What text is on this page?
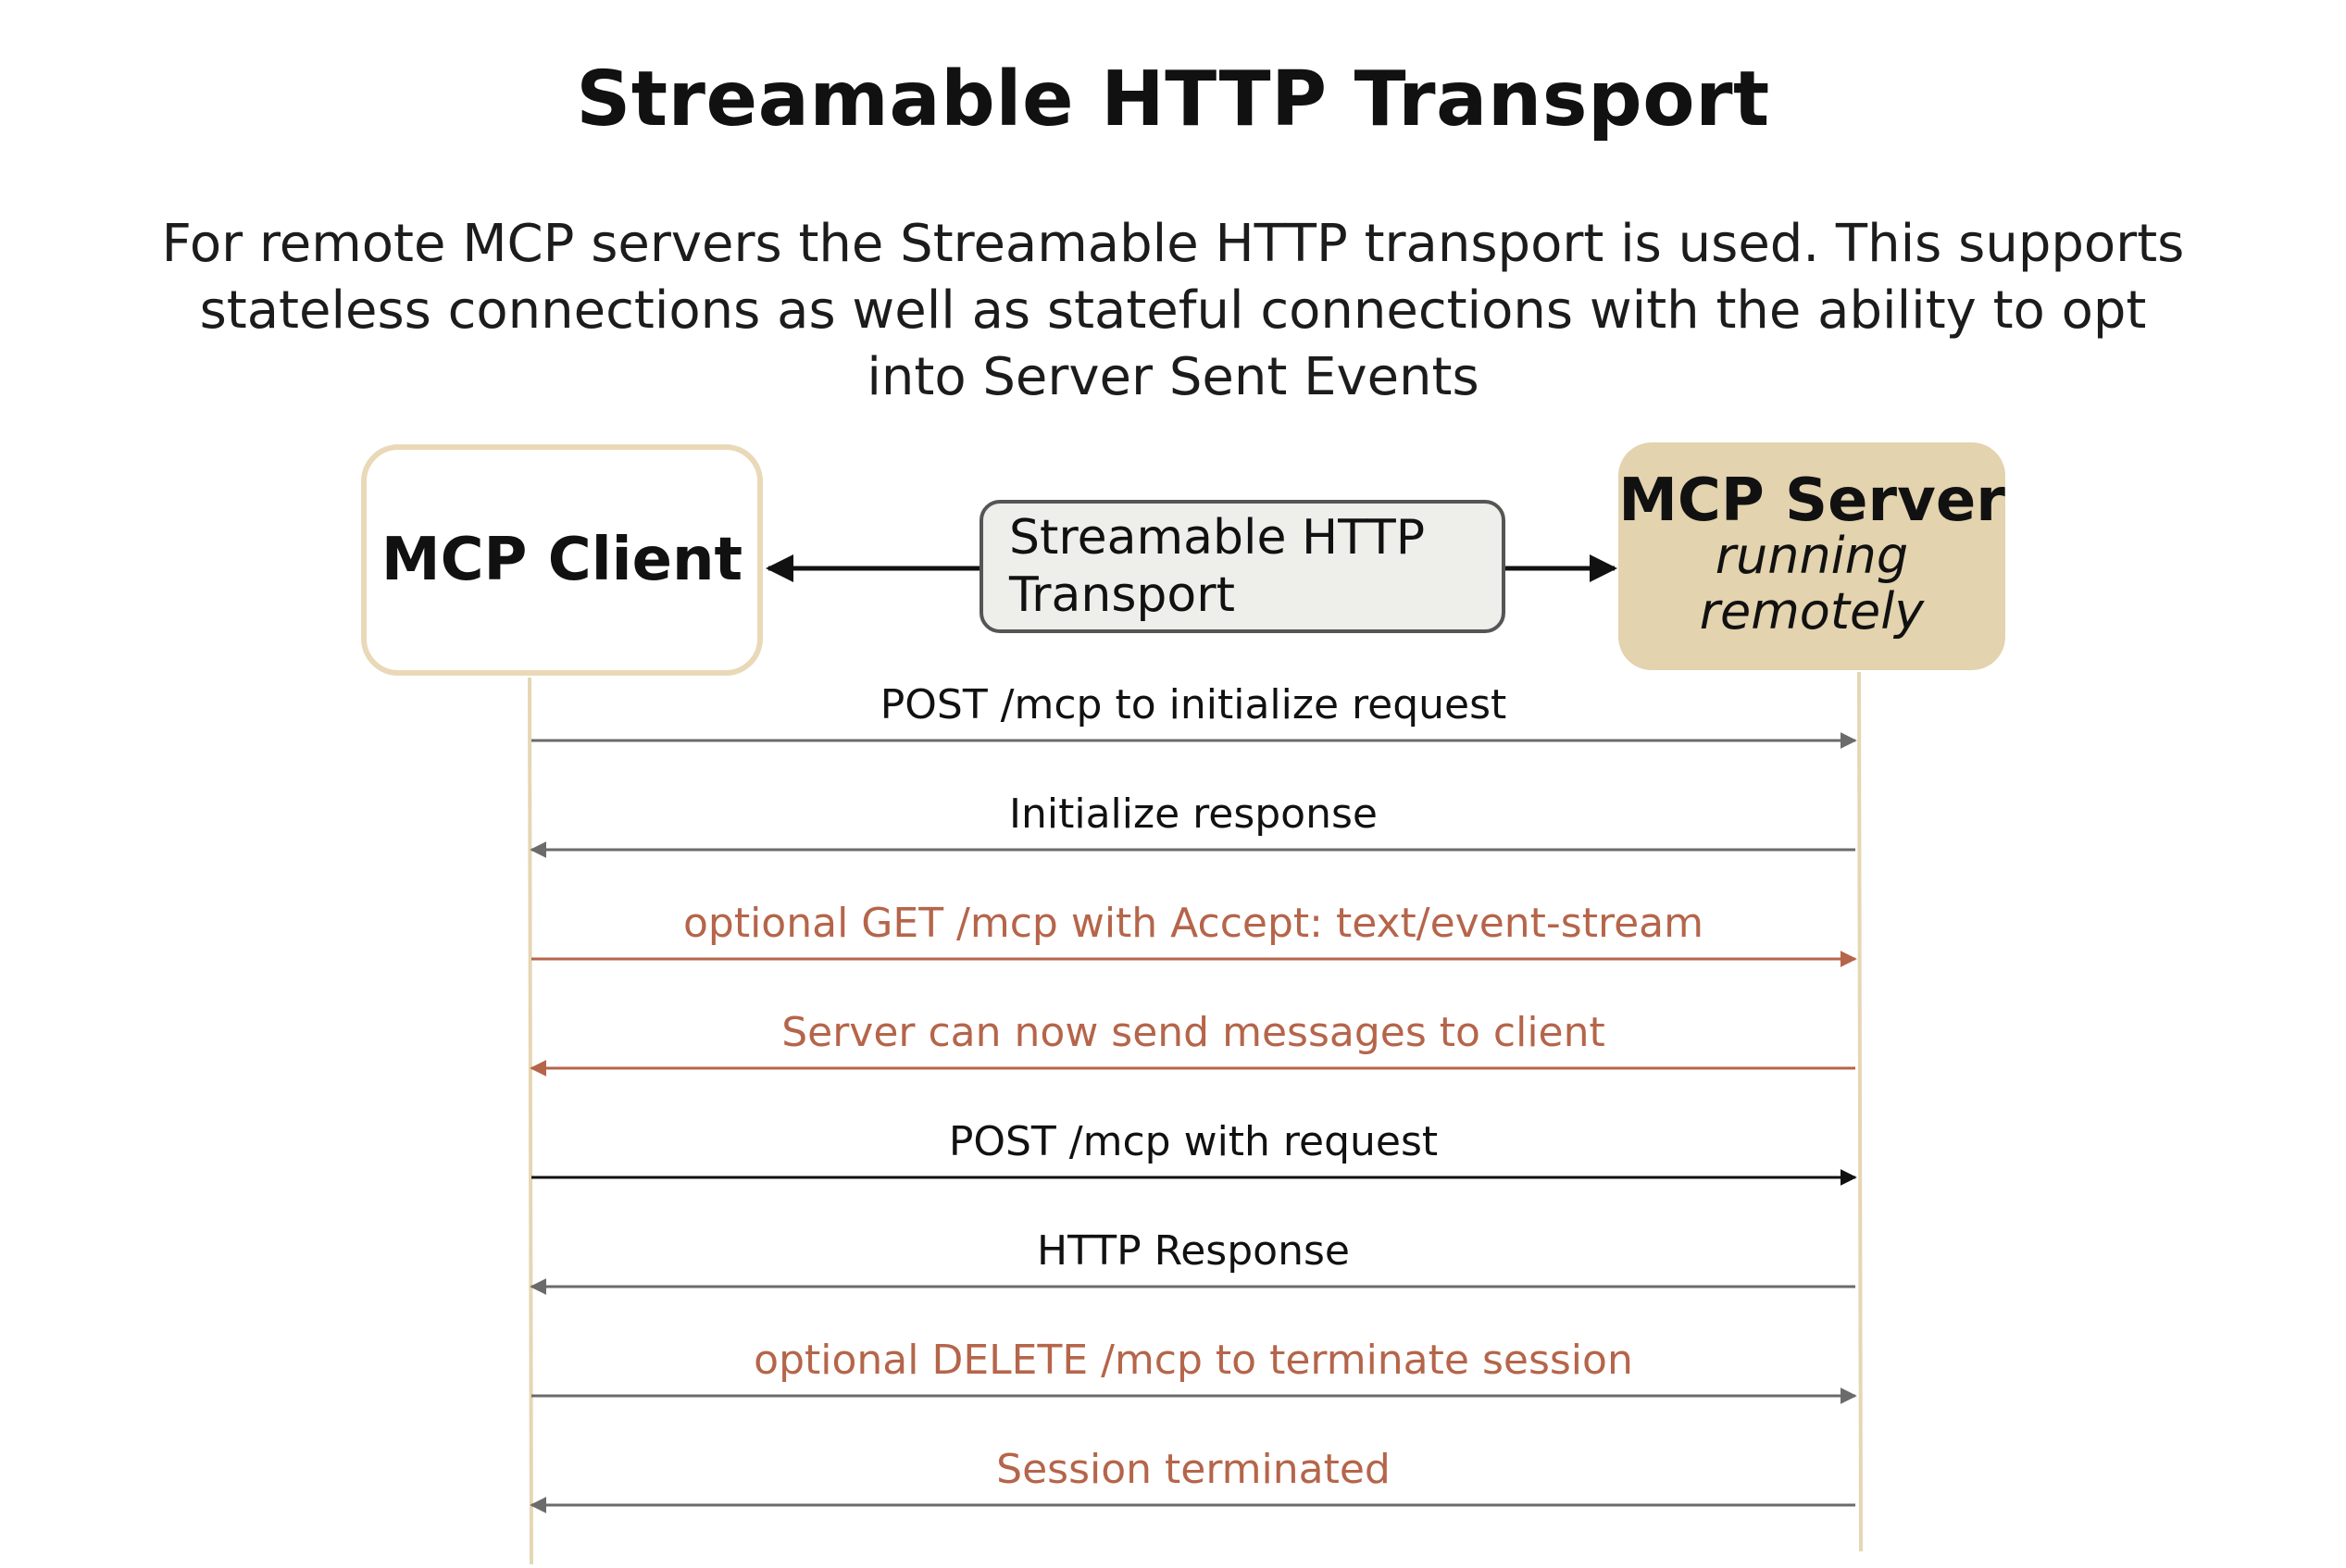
Streamable HTTP Transport
For remote MCP servers the Streamable HTTP transport is used. This supports stateless connections as well as stateful connections with the ability to opt into Server Sent Events
POST /mcp to initialize request
Initialize response
optional GET /mcp with Accept: text/event-stream
Server can now send messages to client
POST /mcp with request
HTTP Response
optional DELETE /mcp to terminate session
Session terminated
MCP Client	Streamable HTTP
Transport
MCP Server
running
remotely
